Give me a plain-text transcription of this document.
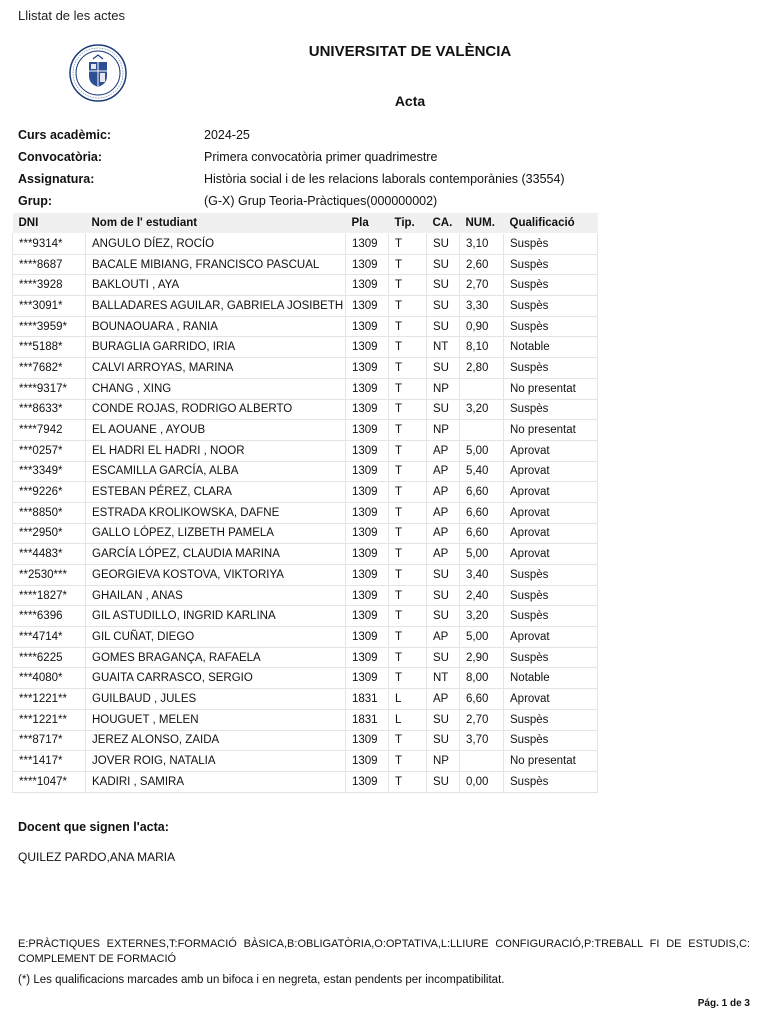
Llistat de les actes
UNIVERSITAT DE VALÈNCIA
Acta
Curs acadèmic:	2024-25
Convocatòria:	Primera convocatòria primer quadrimestre
Assignatura:	Història social i de les relacions laborals contemporànies (33554)
Grup:	(G-X) Grup Teoria-Pràctiques(000000002)
DNI	Nom de l' estudiant	Pla	Tip.	CA.	NUM.	Qualificació
***9314*	ANGULO DÍEZ, ROCÍO	1309	T	SU	3,10	Suspès
****8687	BACALE MIBIANG, FRANCISCO PASCUAL	1309	T	SU	2,60	Suspès
****3928	BAKLOUTI , AYA	1309	T	SU	2,70	Suspès
***3091*	BALLADARES AGUILAR, GABRIELA JOSIBETH	1309	T	SU	3,30	Suspès
****3959*	BOUNAOUARA , RANIA	1309	T	SU	0,90	Suspès
***5188*	BURAGLIA GARRIDO, IRIA	1309	T	NT	8,10	Notable
***7682*	CALVI ARROYAS, MARINA	1309	T	SU	2,80	Suspès
****9317*	CHANG , XING	1309	T	NP		No presentat
***8633*	CONDE ROJAS, RODRIGO ALBERTO	1309	T	SU	3,20	Suspès
****7942	EL AOUANE , AYOUB	1309	T	NP		No presentat
***0257*	EL HADRI EL HADRI , NOOR	1309	T	AP	5,00	Aprovat
***3349*	ESCAMILLA GARCÍA, ALBA	1309	T	AP	5,40	Aprovat
***9226*	ESTEBAN PÉREZ, CLARA	1309	T	AP	6,60	Aprovat
***8850*	ESTRADA KROLIKOWSKA, DAFNE	1309	T	AP	6,60	Aprovat
***2950*	GALLO LÓPEZ, LIZBETH PAMELA	1309	T	AP	6,60	Aprovat
***4483*	GARCÍA LÓPEZ, CLAUDIA MARINA	1309	T	AP	5,00	Aprovat
**2530***	GEORGIEVA KOSTOVA, VIKTORIYA	1309	T	SU	3,40	Suspès
****1827*	GHAILAN , ANAS	1309	T	SU	2,40	Suspès
****6396	GIL ASTUDILLO, INGRID KARLINA	1309	T	SU	3,20	Suspès
***4714*	GIL CUÑAT, DIEGO	1309	T	AP	5,00	Aprovat
****6225	GOMES BRAGANÇA, RAFAELA	1309	T	SU	2,90	Suspès
***4080*	GUAITA CARRASCO, SERGIO	1309	T	NT	8,00	Notable
***1221**	GUILBAUD , JULES	1831	L	AP	6,60	Aprovat
***1221**	HOUGUET , MELEN	1831	L	SU	2,70	Suspès
***8717*	JEREZ ALONSO, ZAIDA	1309	T	SU	3,70	Suspès
***1417*	JOVER ROIG, NATALIA	1309	T	NP		No presentat
****1047*	KADIRI , SAMIRA	1309	T	SU	0,00	Suspès
Docent que signen l'acta:
QUILEZ PARDO,ANA MARIA
E:PRÀCTIQUES EXTERNES,T:FORMACIÓ BÀSICA,B:OBLIGATÒRIA,O:OPTATIVA,L:LLIURE CONFIGURACIÓ,P:TREBALL FI DE ESTUDIS,C: COMPLEMENT DE FORMACIÓ
(*) Les qualificacions marcades amb un bifoca i en negreta, estan pendents per incompatibilitat.
Pág. 1 de 3
